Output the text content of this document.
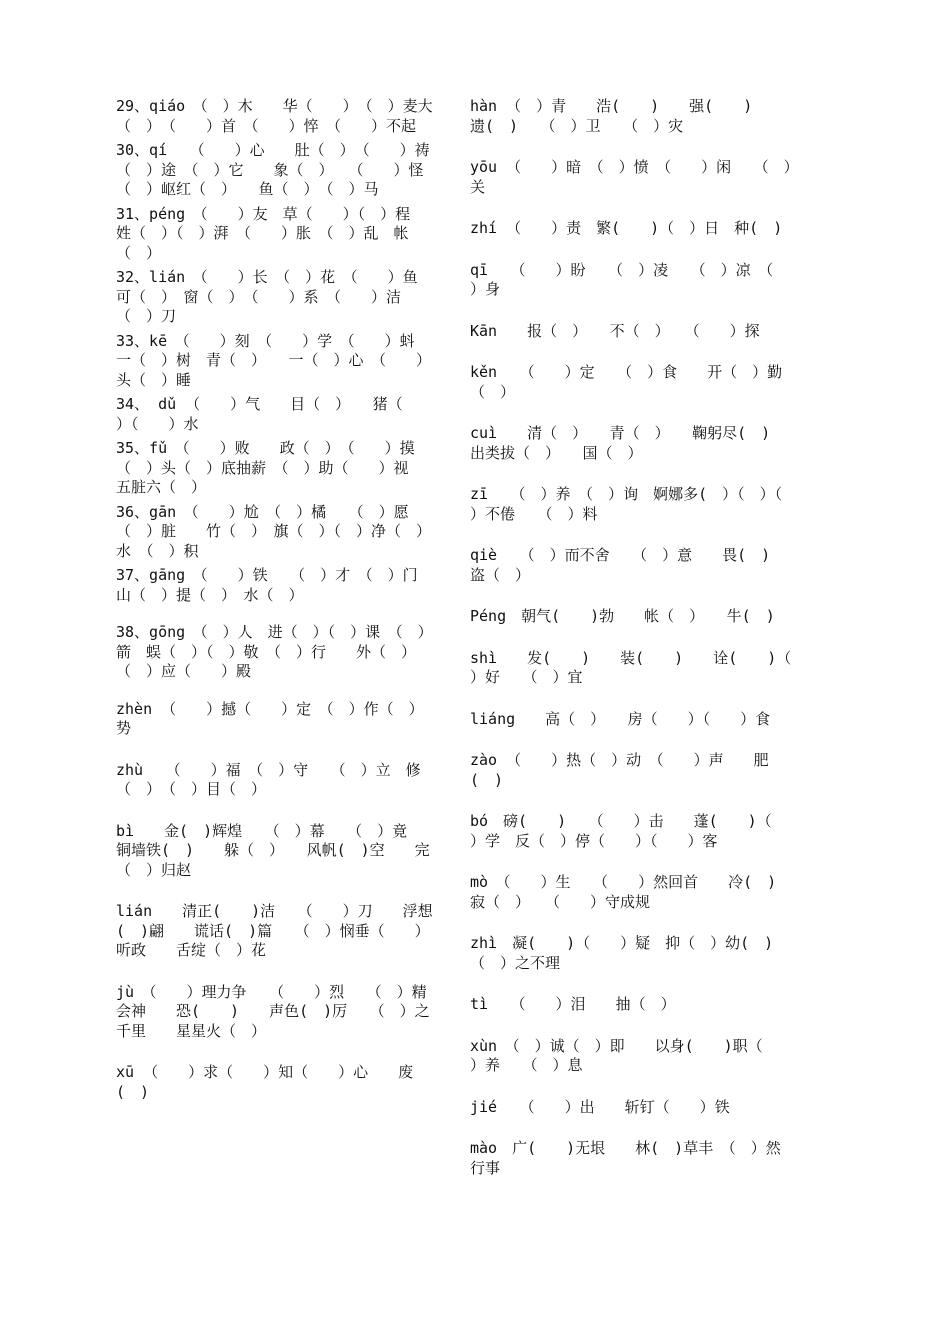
29、qiáo　（　）木　　华（　　）　（　）麦大（　）　（　　）首　（　　）悴　（　　）不起
30、qí　　（　　）心　　肚（　）　（　　）祷　（　）途　（　）它　　象（　）　　（　　）怪（　）岖红（　）　　鱼（　）　（　）马
31、péng　（　　）友　草（　　）（　）程　姓（　）（　）湃　（　　）胀　（　）乱　帐（　）
32、lián　（　　）长　（　）花　（　　）鱼　可（　）　窗（　）　（　　）系　（　　）洁（　）刀
33、kē　（　　）刻　（　　）学　（　　）蚪　一（　）树　青（　）　　一（　）心　（　　）头（　）睡
34、 dǔ （　　）气　　目（　）　　猪（　　）（　　）水
35、fǔ　（　　）败　　政（　）　（　　）摸　（　）头（　）底抽薪　（　）助（　　）视　五脏六（　）
36、gān　（　　）尬　（　）橘　　（　）愿（　）脏　　竹（　）　旗（　）（　）净（　）水　（　）积
37、gāng　（　　）铁　　（　）才　（　）门　　　山（　）提（　）　水（　）
38、gōng　（　）人　进（　）（　）课　（　）箭　蜈（　）（　）敬　（　）行　　外（　）（　）应（　　）殿
zhèn （　　）撼（　　）定　（　）作（　）势
zhù　　（　　）福　（　）守　　（　）立　修（　）　（　）目（　）
bì　　金(　)辉煌　　（　）幕　　（　）竟　　铜墙铁(　)　　躲（　）　　风帆(　)空　　完（　）归赵
lián　　清正(　　)洁　　（　　）刀　　浮想(　)翩　　谎话(　)篇　　（　）悯垂（　　）听政　　舌绽（　）花
jù　（　　）理力争　　（　　）烈　　（　）精会神　　恐(　　)　　声色(　)厉　　（　）之千里　　星星火（　）
xū （　　）求（　　）知（　　）心　　废(　)
hàn （　）青　　浩(　　)　　强(　　)　　遗(　)　　（　）卫　　（　）灾
yōu （　　）暗　（　）愤　（　　）闲　　（　）关
zhí （　　）责　繁(　　)（　）日　种(　)
qī　　（　　）盼　　（　）凌　　（　）凉　（　　）身
Kān　　报（　）　　不（　）　　（　　）探
kěn　　（　　）定　　（　）食　　开（　）勤（　）
cuì　　清（　）　　青（　）　　鞠躬尽(　)　　出类拔（　）　　国（　）
zī　　（　）养　（　）询　婀娜多(　）（　）（　　）不倦　　（　）料
qiè　　（　）而不舍　　（　）意　　畏(　)　　盗（　）
Péng　朝气(　　)勃　　帐（　）　　牛(　)
shì　　发(　　)　　装(　　)　　诠(　　)（　　）好　　（　）宜
liáng　　高（　）　　房（　　）（　　）食
zào （　　）热（　）动　（　　）声　　肥(　)
bó　磅(　　)　　（　　）击　　蓬(　　)（　　）学　反（　）停（　　）（　　）客
mò　（　　）生　　（　　）然回首　　冷(　)　　寂（　）　　（　　）守成规
zhì　凝(　　)（　　）疑　抑（　）幼(　)　　（　）之不理
tì　　（　　）泪　　抽（　）
xùn　（　）诚（　）即　　以身(　　)职（　　）养　　（　）息
jié　　（　　）出　　斩钉（　　）铁
mào　广(　　)无垠　　林(　)草丰　（　）然行事
